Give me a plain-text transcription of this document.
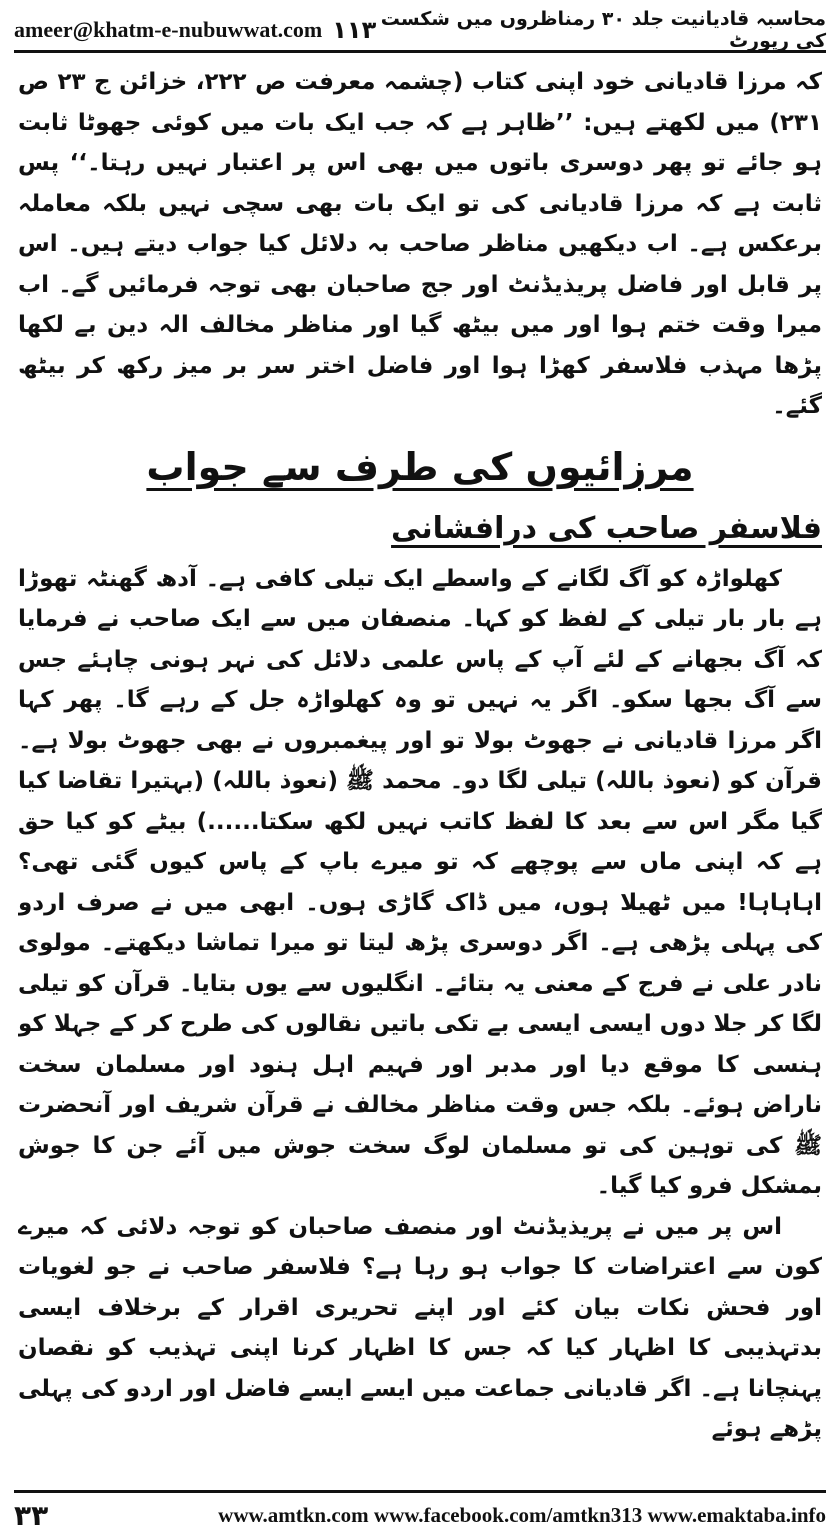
ameer@khatm-e-nubuwwat.com ۱۱۳ محاسبہ قادیانیت جلد ۳۰ رمناظروں میں شکست کی رپورٹ

کہ مرزا قادیانی خود اپنی کتاب (چشمہ معرفت ص ۲۲۲، خزائن ج ۲۳ ص ۲۳۱) میں لکھتے ہیں: ’’ظاہر ہے کہ جب ایک بات میں کوئی جھوٹا ثابت ہو جائے تو پھر دوسری باتوں میں بھی اس پر اعتبار نہیں رہتا۔‘‘ پس ثابت ہے کہ مرزا قادیانی کی تو ایک بات بھی سچی نہیں بلکہ معاملہ برعکس ہے۔ اب دیکھیں مناظر صاحب بہ دلائل کیا جواب دیتے ہیں۔ اس پر قابل اور فاضل پریذیڈنٹ اور جج صاحبان بھی توجہ فرمائیں گے۔ اب میرا وقت ختم ہوا اور میں بیٹھ گیا اور مناظر مخالف الہ دین بے لکھا پڑھا مہذب فلاسفر کھڑا ہوا اور فاضل اختر سر بر میز رکھ کر بیٹھ گئے۔

مرزائیوں کی طرف سے جواب
فلاسفر صاحب کی درافشانی

کھلواڑہ کو آگ لگانے کے واسطے ایک تیلی کافی ہے۔ آدھ گھنٹہ تھوڑا ہے بار بار تیلی کے لفظ کو کہا۔ منصفان میں سے ایک صاحب نے فرمایا کہ آگ بجھانے کے لئے آپ کے پاس علمی دلائل کی نہر ہونی چاہئے جس سے آگ بجھا سکو۔ اگر یہ نہیں تو وہ کھلواڑہ جل کے رہے گا۔ پھر کہا اگر مرزا قادیانی نے جھوٹ بولا تو اور پیغمبروں نے بھی جھوٹ بولا ہے۔ قرآن کو (نعوذ باللہ) تیلی لگا دو۔ محمد ﷺ (نعوذ باللہ) (بہتیرا تقاضا کیا گیا مگر اس سے بعد کا لفظ کاتب نہیں لکھ سکتا......) بیٹے کو کیا حق ہے کہ اپنی ماں سے پوچھے کہ تو میرے باپ کے پاس کیوں گئی تھی؟ اہاہاہا! میں ٹھیلا ہوں، میں ڈاک گاڑی ہوں۔ ابھی میں نے صرف اردو کی پہلی پڑھی ہے۔ اگر دوسری پڑھ لیتا تو میرا تماشا دیکھتے۔ مولوی نادر علی نے فرج کے معنی یہ بتائے۔ انگلیوں سے یوں بتایا۔ قرآن کو تیلی لگا کر جلا دوں ایسی ایسی بے تکی باتیں نقالوں کی طرح کر کے جہلا کو ہنسی کا موقع دیا اور مدبر اور فہیم اہل ہنود اور مسلمان سخت ناراض ہوئے۔ بلکہ جس وقت مناظر مخالف نے قرآن شریف اور آنحضرت ﷺ کی توہین کی تو مسلمان لوگ سخت جوش میں آئے جن کا جوش بمشکل فرو کیا گیا۔

اس پر میں نے پریذیڈنٹ اور منصف صاحبان کو توجہ دلائی کہ میرے کون سے اعتراضات کا جواب ہو رہا ہے؟ فلاسفر صاحب نے جو لغویات اور فحش نکات بیان کئے اور اپنے تحریری اقرار کے برخلاف ایسی بدتہذیبی کا اظہار کیا کہ جس کا اظہار کرنا اپنی تہذیب کو نقصان پہنچانا ہے۔ اگر قادیانی جماعت میں ایسے ایسے فاضل اور اردو کی پہلی پڑھے ہوئے

۳۳	www.amtkn.com www.facebook.com/amtkn313 www.emaktaba.info
